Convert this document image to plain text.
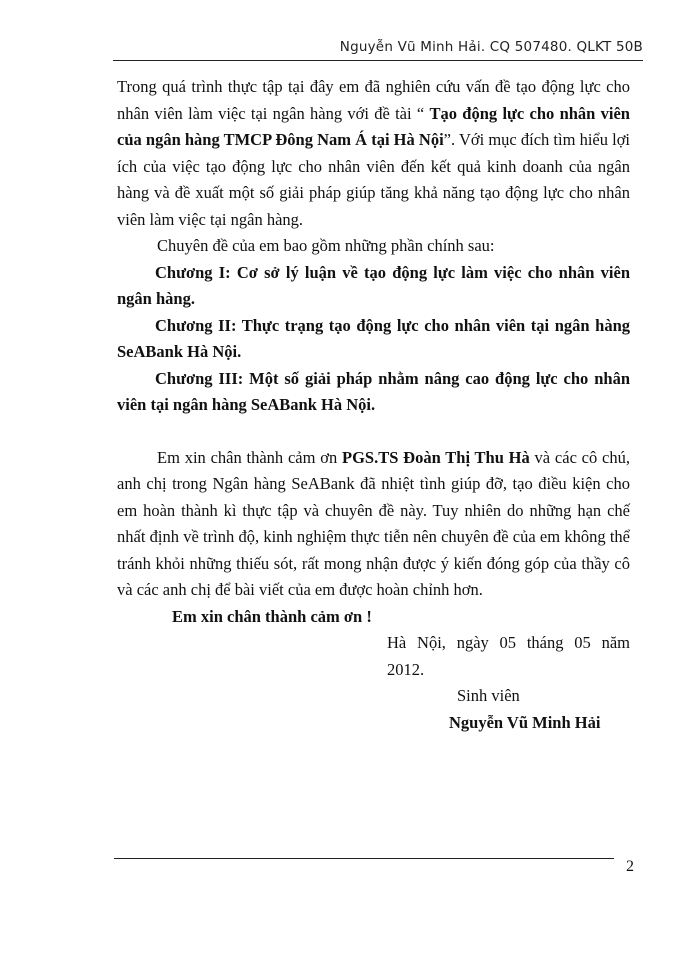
Nguyễn Vũ Minh Hải. CQ 507480. QLKT 50B

Trong quá trình thực tập tại đây em đã nghiên cứu vấn đề tạo động lực cho nhân viên làm việc tại ngân hàng với đề tài “ Tạo động lực cho nhân viên của ngân hàng TMCP Đông Nam Á tại Hà Nội”. Với mục đích tìm hiểu lợi ích của việc tạo động lực cho nhân viên đến kết quả kinh doanh của ngân hàng và đề xuất một số giải pháp giúp tăng khả năng tạo động lực cho nhân viên làm việc tại ngân hàng.

Chuyên đề của em bao gồm những phần chính sau:

Chương I: Cơ sở lý luận về tạo động lực làm việc cho nhân viên ngân hàng.

Chương II: Thực trạng tạo động lực cho nhân viên tại ngân hàng SeABank Hà Nội.

Chương III: Một số giải pháp nhằm nâng cao động lực cho nhân viên tại ngân hàng SeABank Hà Nội.

Em xin chân thành cảm ơn PGS.TS Đoàn Thị Thu Hà và các cô chú, anh chị trong Ngân hàng SeABank đã nhiệt tình giúp đỡ, tạo điều kiện cho em hoàn thành kì thực tập và chuyên đề này. Tuy nhiên do những hạn chế nhất định về trình độ, kinh nghiệm thực tiễn nên chuyên đề của em không thể tránh khỏi những thiếu sót, rất mong nhận được ý kiến đóng góp của thầy cô và các anh chị để bài viết của em được hoàn chỉnh hơn.

Em xin chân thành cảm ơn !

Hà Nội, ngày 05 tháng 05 năm 2012.

Sinh viên

Nguyễn Vũ Minh Hải

2
